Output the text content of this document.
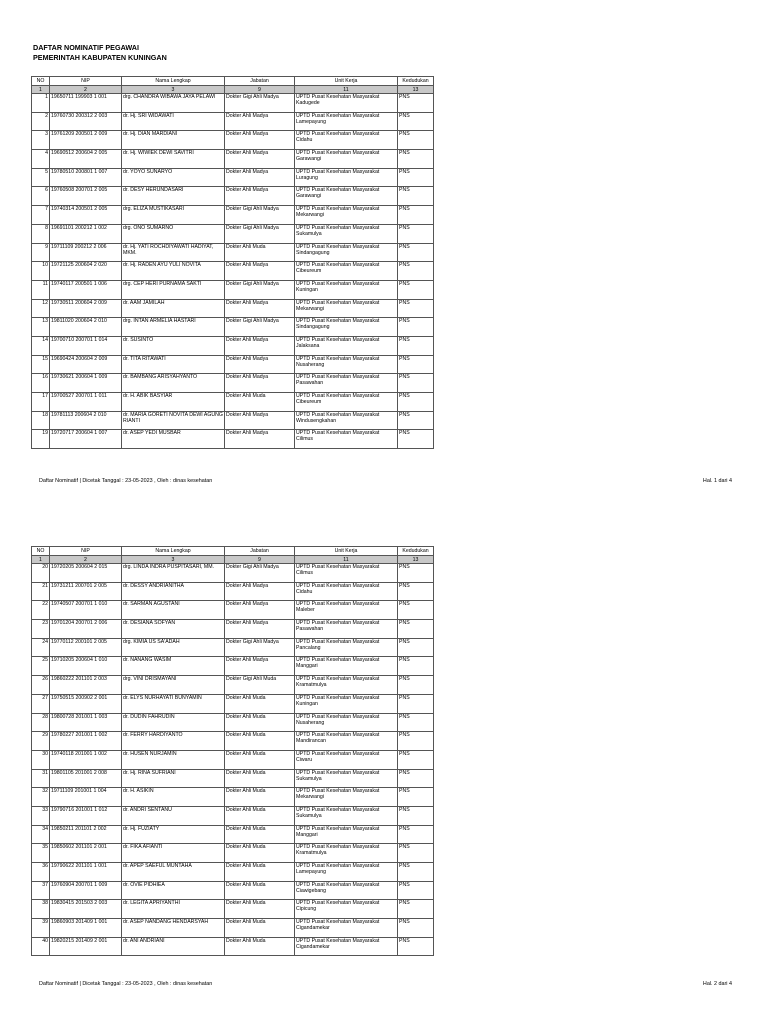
DAFTAR NOMINATIF PEGAWAI
PEMERINTAH KABUPATEN KUNINGAN
NO	NIP	Nama Lengkap	Jabatan	Unit Kerja	Kedudukan
1	2	3	9	11	13
1	19650711 199903 1 001	drg. CHANDRA WIBAWA JAYA PELAWI	Dokter Gigi Ahli Madya	UPTD Pusat Kesehatan Masyarakat Kadugede	PNS
2	19760730 200312 2 003	dr. Hj. SRI WIDAWATI	Dokter Ahli Madya	UPTD Pusat Kesehatan Masyarakat Lamepayung	PNS
3	19761209 200501 2 009	dr. Hj. DIAN MARDIANI	Dokter Ahli Madya	UPTD Pusat Kesehatan Masyarakat Cidahu	PNS
4	19690512 200604 2 005	dr. Hj. WIWIEK DEWI SAVITRI	Dokter Ahli Madya	UPTD Pusat Kesehatan Masyarakat Garawangi	PNS
5	19780510 200801 1 007	dr. YOYO SUNARYO	Dokter Ahli Madya	UPTD Pusat Kesehatan Masyarakat Luragung	PNS
6	19760508 200701 2 005	dr. DESY HERUNDASARI	Dokter Ahli Madya	UPTD Pusat Kesehatan Masyarakat Garawangi	PNS
7	19740314 200501 2 005	drg. ELIZA MUSTIKASARI	Dokter Gigi Ahli Madya	UPTD Pusat Kesehatan Masyarakat Mekarwangi	PNS
8	19691101 200212 1 002	drg. ONO SUMARNO	Dokter Gigi Ahli Madya	UPTD Pusat Kesehatan Masyarakat Sukamulya	PNS
9	19711109 200212 2 006	dr. Hj. YATI ROCHDIYAWATI HADIYAT, MKM.	Dokter Ahli Muda	UPTD Pusat Kesehatan Masyarakat Sindangagung	PNS
10	19721125 200604 2 020	dr. Hj. RADEN AYU YULI NOVITA	Dokter Ahli Madya	UPTD Pusat Kesehatan Masyarakat Cibeureum	PNS
11	19740117 200501 1 006	drg. CEP HERI PURNAMA SAKTI	Dokter Gigi Ahli Madya	UPTD Pusat Kesehatan Masyarakat Kuningan	PNS
12	19730511 200604 2 009	dr. AAM JAMILAH	Dokter Ahli Madya	UPTD Pusat Kesehatan Masyarakat Mekarwangi	PNS
13	19811020 200604 2 010	drg. INTAN ARMELIA HASTARI	Dokter Gigi Ahli Madya	UPTD Pusat Kesehatan Masyarakat Sindangagung	PNS
14	19700710 200701 1 014	dr. SUSINTO	Dokter Ahli Madya	UPTD Pusat Kesehatan Masyarakat Jalaksana	PNS
15	19690424 200604 2 009	dr. TITA RITAWATI	Dokter Ahli Madya	UPTD Pusat Kesehatan Masyarakat Nusaherang	PNS
16	19730621 200604 1 009	dr. BAMBANG ARISYAHYANTO	Dokter Ahli Madya	UPTD Pusat Kesehatan Masyarakat Pasawahan	PNS
17	19700527 200701 1 011	dr. H. ABIK BASYIAR	Dokter Ahli Muda	UPTD Pusat Kesehatan Masyarakat Cibeureum	PNS
18	19781113 200604 2 010	dr. MARIA GORETI NOVITA DEWI AGUNG RIANTI	Dokter Ahli Madya	UPTD Pusat Kesehatan Masyarakat Windusengkahan	PNS
19	19720717 200604 1 007	dr. ASEP YEDI MUSBAR	Dokter Ahli Madya	UPTD Pusat Kesehatan Masyarakat Cilimus	PNS
Daftar Nominatif | Dicetak Tanggal : 23-05-2023 , Oleh : dinas kesehatan	Hal. 1 dari 4
NO	NIP	Nama Lengkap	Jabatan	Unit Kerja	Kedudukan
1	2	3	9	11	13
20	19720205 200604 2 015	drg. LINDA INDRA PUSPITASARI, MM.	Dokter Gigi Ahli Madya	UPTD Pusat Kesehatan Masyarakat Cilimus	PNS
21	19731211 200701 2 005	dr. DESSY ANDRIANITHA	Dokter Ahli Madya	UPTD Pusat Kesehatan Masyarakat Cidahu	PNS
22	19740507 200701 1 010	dr. SARMAN AGUSTANI	Dokter Ahli Madya	UPTD Pusat Kesehatan Masyarakat Maleber	PNS
23	19701204 200701 2 006	dr. DESIANA SOFYAN	Dokter Ahli Madya	UPTD Pusat Kesehatan Masyarakat Pasawahan	PNS
24	19770112 200101 2 005	drg. KIMIA US SA'ADAH	Dokter Gigi Ahli Madya	UPTD Pusat Kesehatan Masyarakat Pancalang	PNS
25	19710205 200604 1 010	dr. NANANG WASIM	Dokter Ahli Madya	UPTD Pusat Kesehatan Masyarakat Manggari	PNS
26	19860222 201101 2 003	drg. VINI DRISMAYANI	Dokter Gigi Ahli Muda	UPTD Pusat Kesehatan Masyarakat Kramatmulya	PNS
27	19750515 200902 2 001	dr. ELYS NURHAYATI BUNYAMIN	Dokter Ahli Muda	UPTD Pusat Kesehatan Masyarakat Kuningan	PNS
28	19800728 201001 1 003	dr. DUDIN FAHRUDIN	Dokter Ahli Muda	UPTD Pusat Kesehatan Masyarakat Nusaherang	PNS
29	19780227 201001 1 002	dr. FERRY HARDIYANTO	Dokter Ahli Muda	UPTD Pusat Kesehatan Masyarakat Mandirancan	PNS
30	19740118 201001 1 002	dr. HUSEN NURJAMIN	Dokter Ahli Muda	UPTD Pusat Kesehatan Masyarakat Ciwaru	PNS
31	19801105 201001 2 008	dr. Hj. RINA SUFRIANI	Dokter Ahli Muda	UPTD Pusat Kesehatan Masyarakat Sukamulya	PNS
32	19711109 201001 1 004	dr. H. ASIKIN	Dokter Ahli Muda	UPTD Pusat Kesehatan Masyarakat Mekarwangi	PNS
33	19790716 201001 1 012	dr. ANDRI SENTANU	Dokter Ahli Muda	UPTD Pusat Kesehatan Masyarakat Sukamulya	PNS
34	19850211 201101 2 002	dr. Hj. FUZIATY	Dokter Ahli Muda	UPTD Pusat Kesehatan Masyarakat Manggari	PNS
35	19850602 201101 2 001	dr. FIKA AFIANTI	Dokter Ahli Muda	UPTD Pusat Kesehatan Masyarakat Kramatmulya	PNS
36	19790622 201101 1 001	dr. APEP SAEFUL MUNTAHA	Dokter Ahli Muda	UPTD Pusat Kesehatan Masyarakat Lamepayung	PNS
37	19760904 200701 1 009	dr. OVIE PIDHIEA	Dokter Ahli Muda	UPTD Pusat Kesehatan Masyarakat Ciawigebang	PNS
38	19830415 201503 2 003	dr. LEGITA APRIYANTHI	Dokter Ahli Muda	UPTD Pusat Kesehatan Masyarakat Cipicung	PNS
39	19860903 201409 1 001	dr. ASEP NANDANG HENDARSYAH	Dokter Ahli Muda	UPTD Pusat Kesehatan Masyarakat Cigandamekar	PNS
40	19820215 201409 2 001	dr. ANI ANDRIANI	Dokter Ahli Muda	UPTD Pusat Kesehatan Masyarakat Cigandamekar	PNS
Daftar Nominatif | Dicetak Tanggal : 23-05-2023 , Oleh : dinas kesehatan	Hal. 2 dari 4
